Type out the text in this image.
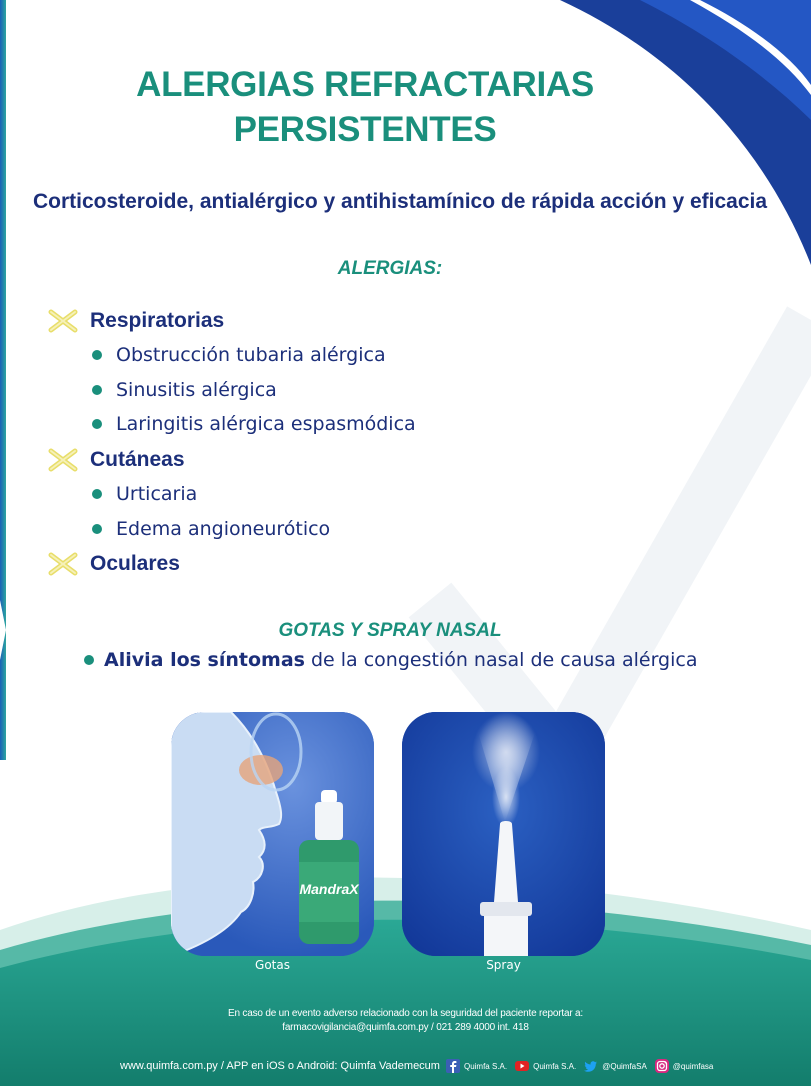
ALERGIAS REFRACTARIAS
PERSISTENTES
Corticosteroide, antialérgico y antihistamínico de rápida acción y eficacia
ALERGIAS:
Respiratorias
Obstrucción tubaria alérgica
Sinusitis alérgica
Laringitis alérgica espasmódica
Cutáneas
Urticaria
Edema angioneurótico
Oculares
GOTAS Y SPRAY NASAL
Alivia los síntomas de la congestión nasal de causa alérgica
MandraX
Gotas	Spray
En caso de un evento adverso relacionado con la seguridad del paciente reportar a:
farmacovigilancia@quimfa.com.py / 021 289 4000 int. 418
www.quimfa.com.py / APP en iOS o Android: Quimfa Vademecum	Quimfa S.A.	Quimfa S.A.	@QuimfaSA	@quimfasa
